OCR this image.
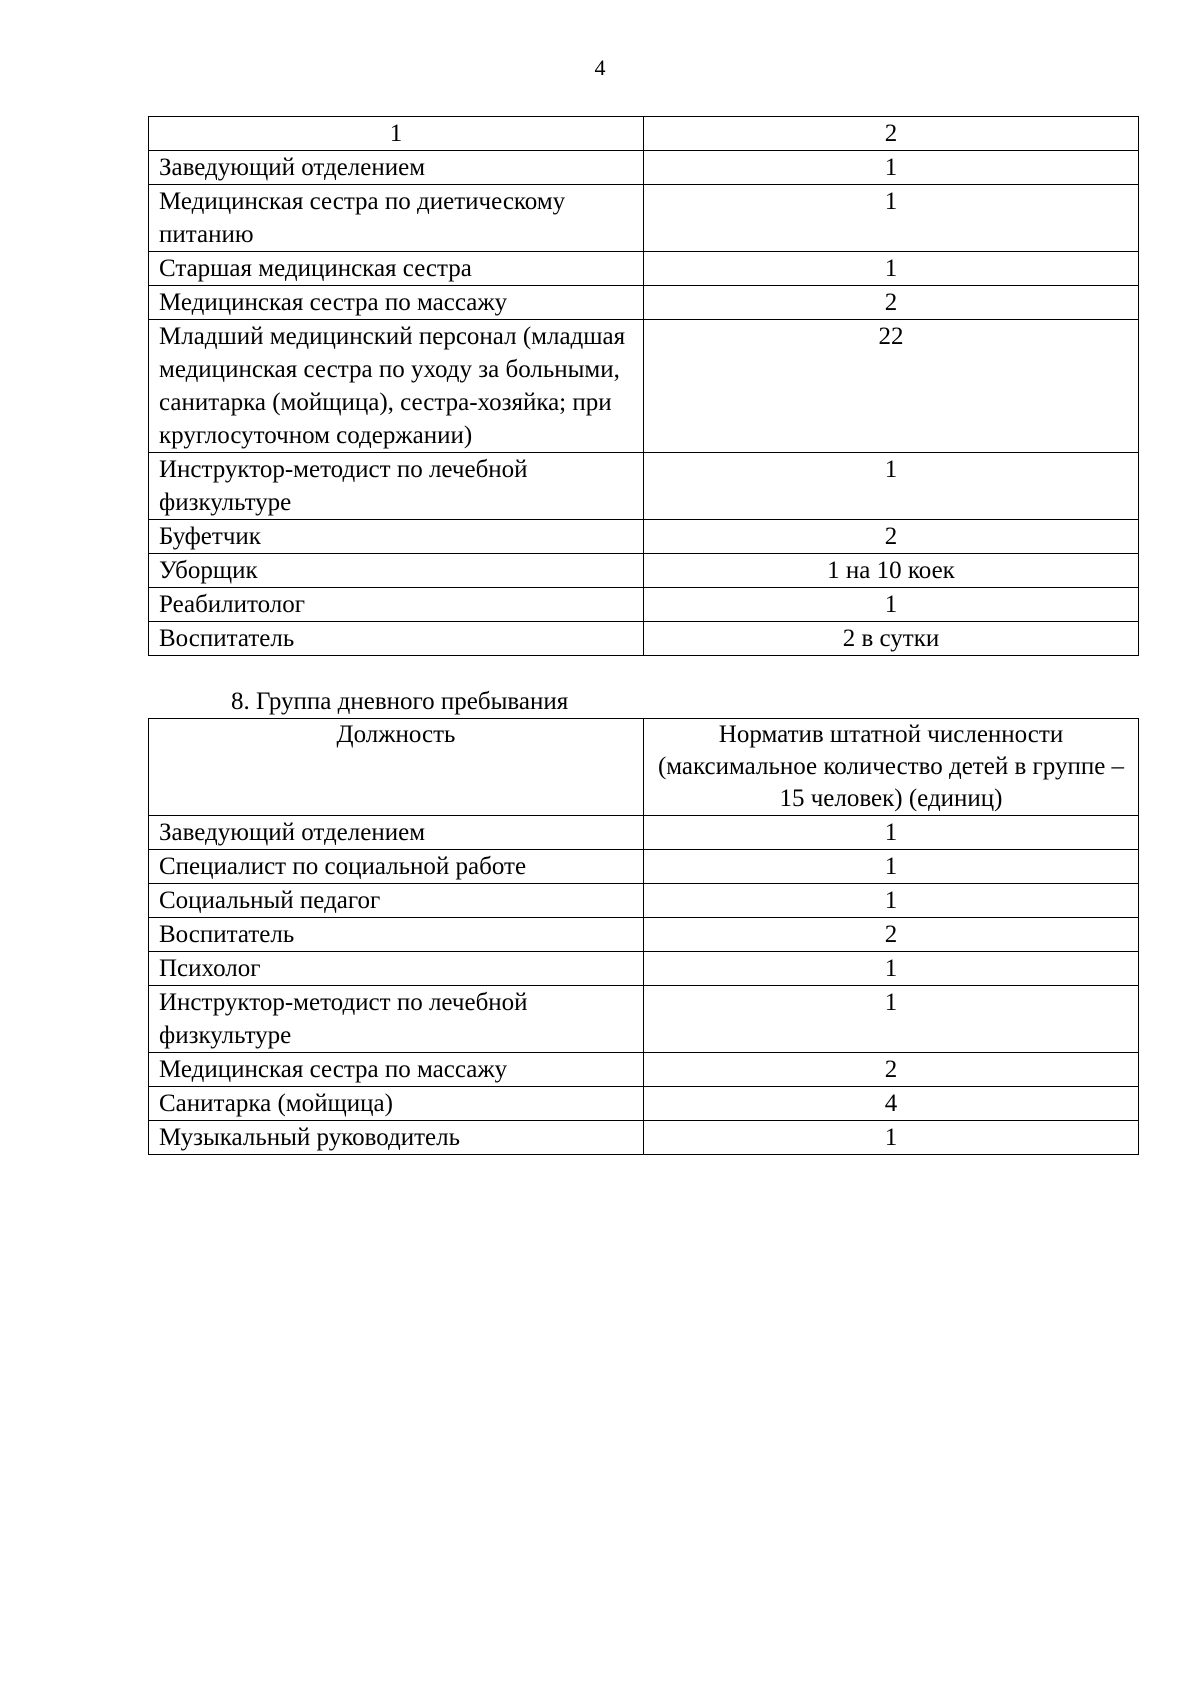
4
1	2
Заведующий отделением	1
Медицинская сестра по диетическому питанию	1
Старшая медицинская сестра	1
Медицинская сестра по массажу	2
Младший медицинский персонал (младшая медицинская сестра по уходу за больными, санитарка (мойщица), сестра-хозяйка; при круглосуточном содержании)	22
Инструктор-методист по лечебной физкультуре	1
Буфетчик	2
Уборщик	1 на 10 коек
Реабилитолог	1
Воспитатель	2 в сутки
8. Группа дневного пребывания
Должность	Норматив штатной численности (максимальное количество детей в группе – 15 человек) (единиц)
Заведующий отделением	1
Специалист по социальной работе	1
Социальный педагог	1
Воспитатель	2
Психолог	1
Инструктор-методист по лечебной физкультуре	1
Медицинская сестра по массажу	2
Санитарка (мойщица)	4
Музыкальный руководитель	1
